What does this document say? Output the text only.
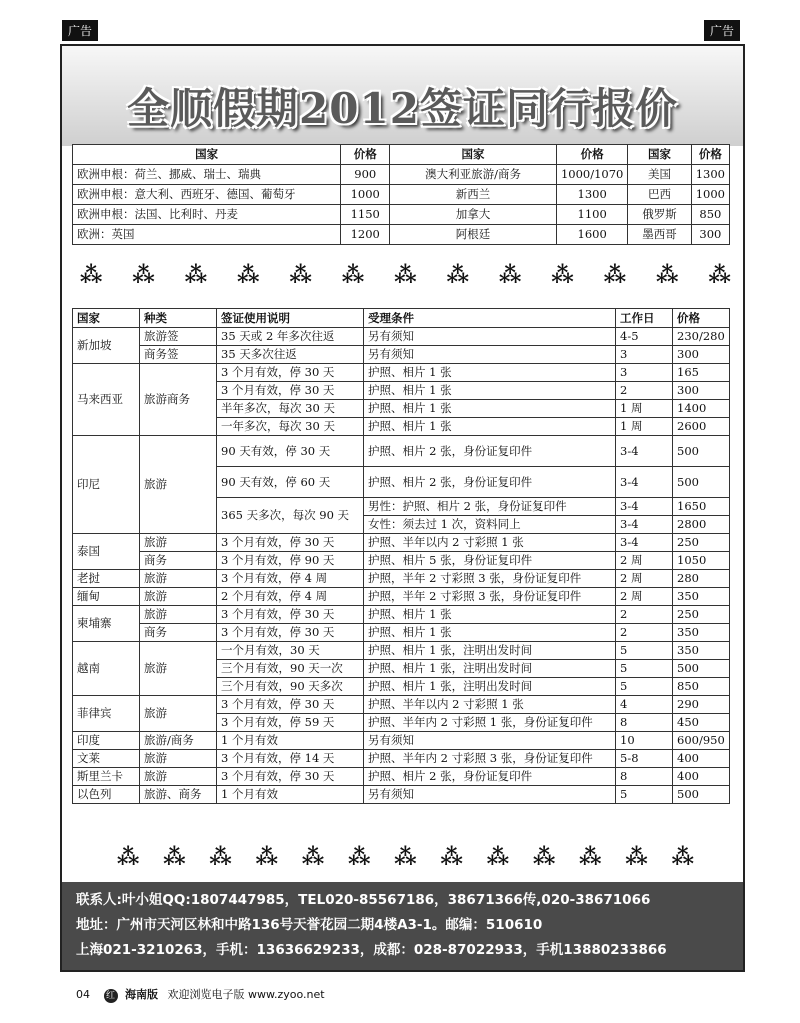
广告	广告
全顺假期2012签证同行报价
国家	价格	国家	价格	国家	价格
欧洲申根：荷兰、挪威、瑞士、瑞典	900	澳大利亚旅游/商务	1000/1070	美国	1300
欧洲申根：意大利、西班牙、德国、葡萄牙	1000	新西兰	1300	巴西	1000
欧洲申根：法国、比利时、丹麦	1150	加拿大	1100	俄罗斯	850
欧洲：英国	1200	阿根廷	1600	墨西哥	300
⁂ ⁂ ⁂ ⁂ ⁂ ⁂ ⁂ ⁂ ⁂ ⁂ ⁂ ⁂ ⁂
国家	种类	签证使用说明	受理条件	工作日	价格
新加坡	旅游签	35 天或 2 年多次往返	另有须知	4-5	230/280
	商务签	35 天多次往返	另有须知	3	300
马来西亚	旅游商务	3 个月有效，停 30 天	护照、相片 1 张	3	165
		3 个月有效，停 30 天	护照、相片 1 张	2	300
		半年多次，每次 30 天	护照、相片 1 张	1 周	1400
		一年多次，每次 30 天	护照、相片 1 张	1 周	2600
印尼	旅游	90 天有效，停 30 天	护照、相片 2 张，身份证复印件	3-4	500
		90 天有效，停 60 天	护照、相片 2 张，身份证复印件	3-4	500
		365 天多次，每次 90 天	男性：护照、相片 2 张，身份证复印件	3-4	1650
			女性：须去过 1 次，资料同上	3-4	2800
泰国	旅游	3 个月有效，停 30 天	护照、半年以内 2 寸彩照 1 张	3-4	250
	商务	3 个月有效，停 90 天	护照、相片 5 张，身份证复印件	2 周	1050
老挝	旅游	3 个月有效，停 4 周	护照，半年 2 寸彩照 3 张，身份证复印件	2 周	280
缅甸	旅游	2 个月有效，停 4 周	护照，半年 2 寸彩照 3 张，身份证复印件	2 周	350
柬埔寨	旅游	3 个月有效，停 30 天	护照、相片 1 张	2	250
	商务	3 个月有效，停 30 天	护照、相片 1 张	2	350
越南	旅游	一个月有效，30 天	护照、相片 1 张，注明出发时间	5	350
		三个月有效，90 天一次	护照、相片 1 张，注明出发时间	5	500
		三个月有效，90 天多次	护照、相片 1 张，注明出发时间	5	850
菲律宾	旅游	3 个月有效，停 30 天	护照、半年以内 2 寸彩照 1 张	4	290
		3 个月有效，停 59 天	护照、半年内 2 寸彩照 1 张，身份证复印件	8	450
印度	旅游/商务	1 个月有效	另有须知	10	600/950
文莱	旅游	3 个月有效，停 14 天	护照、半年内 2 寸彩照 3 张，身份证复印件	5-8	400
斯里兰卡	旅游	3 个月有效，停 30 天	护照、相片 2 张，身份证复印件	8	400
以色列	旅游、商务	1 个月有效	另有须知	5	500
⁂ ⁂ ⁂ ⁂ ⁂ ⁂ ⁂ ⁂ ⁂ ⁂ ⁂ ⁂ ⁂
联系人:叶小姐QQ:1807447985，TEL020-85567186，38671366传,020-38671066
地址：广州市天河区林和中路136号天誉花园二期4楼A3-1。邮编：510610
上海021-3210263，手机：13636629233，成都：028-87022933，手机13880233866
04 红 海南版 欢迎浏览电子版 www.zyoo.net
